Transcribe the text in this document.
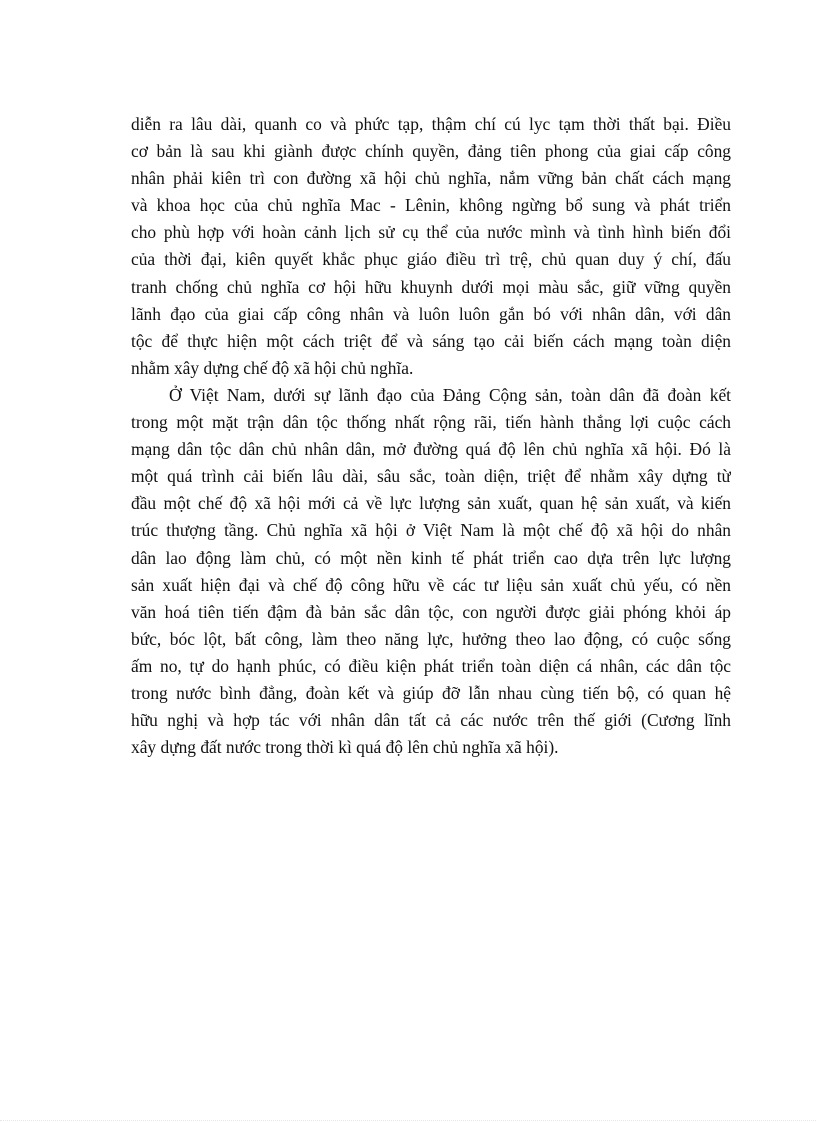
diễn ra lâu dài, quanh co và phức tạp, thậm chí cú lyc tạm thời thất bại. Điều
cơ bản là sau khi giành được chính quyền, đảng tiên phong của giai cấp công
nhân phải kiên trì con đường xã hội chủ nghĩa, nắm vững bản chất cách mạng
và khoa học của chủ nghĩa Mac - Lênin, không ngừng bổ sung và phát triển
cho phù hợp với hoàn cảnh lịch sử cụ thể của nước mình và tình hình biến đổi
của thời đại, kiên quyết khắc phục giáo điều trì trệ, chủ quan duy ý chí, đấu
tranh chống chủ nghĩa cơ hội hữu khuynh dưới mọi màu sắc, giữ vững quyền
lãnh đạo của giai cấp công nhân và luôn luôn gắn bó với nhân dân, với dân
tộc để thực hiện một cách triệt để và sáng tạo cải biến cách mạng toàn diện
nhằm xây dựng chế độ xã hội chủ nghĩa.
Ở Việt Nam, dưới sự lãnh đạo của Đảng Cộng sản, toàn dân đã đoàn kết
trong một mặt trận dân tộc thống nhất rộng rãi, tiến hành thắng lợi cuộc cách
mạng dân tộc dân chủ nhân dân, mở đường quá độ lên chủ nghĩa xã hội. Đó là
một quá trình cải biến lâu dài, sâu sắc, toàn diện, triệt để nhằm xây dựng từ
đầu một chế độ xã hội mới cả về lực lượng sản xuất, quan hệ sản xuất, và kiến
trúc thượng tầng. Chủ nghĩa xã hội ở Việt Nam là một chế độ xã hội do nhân
dân lao động làm chủ, có một nền kinh tế phát triển cao dựa trên lực lượng
sản xuất hiện đại và chế độ công hữu về các tư liệu sản xuất chủ yếu, có nền
văn hoá tiên tiến đậm đà bản sắc dân tộc, con người được giải phóng khỏi áp
bức, bóc lột, bất công, làm theo năng lực, hưởng theo lao động, có cuộc sống
ấm no, tự do hạnh phúc, có điều kiện phát triển toàn diện cá nhân, các dân tộc
trong nước bình đẳng, đoàn kết và giúp đỡ lẫn nhau cùng tiến bộ, có quan hệ
hữu nghị và hợp tác với nhân dân tất cả các nước trên thế giới (Cương lĩnh
xây dựng đất nước trong thời kì quá độ lên chủ nghĩa xã hội).
